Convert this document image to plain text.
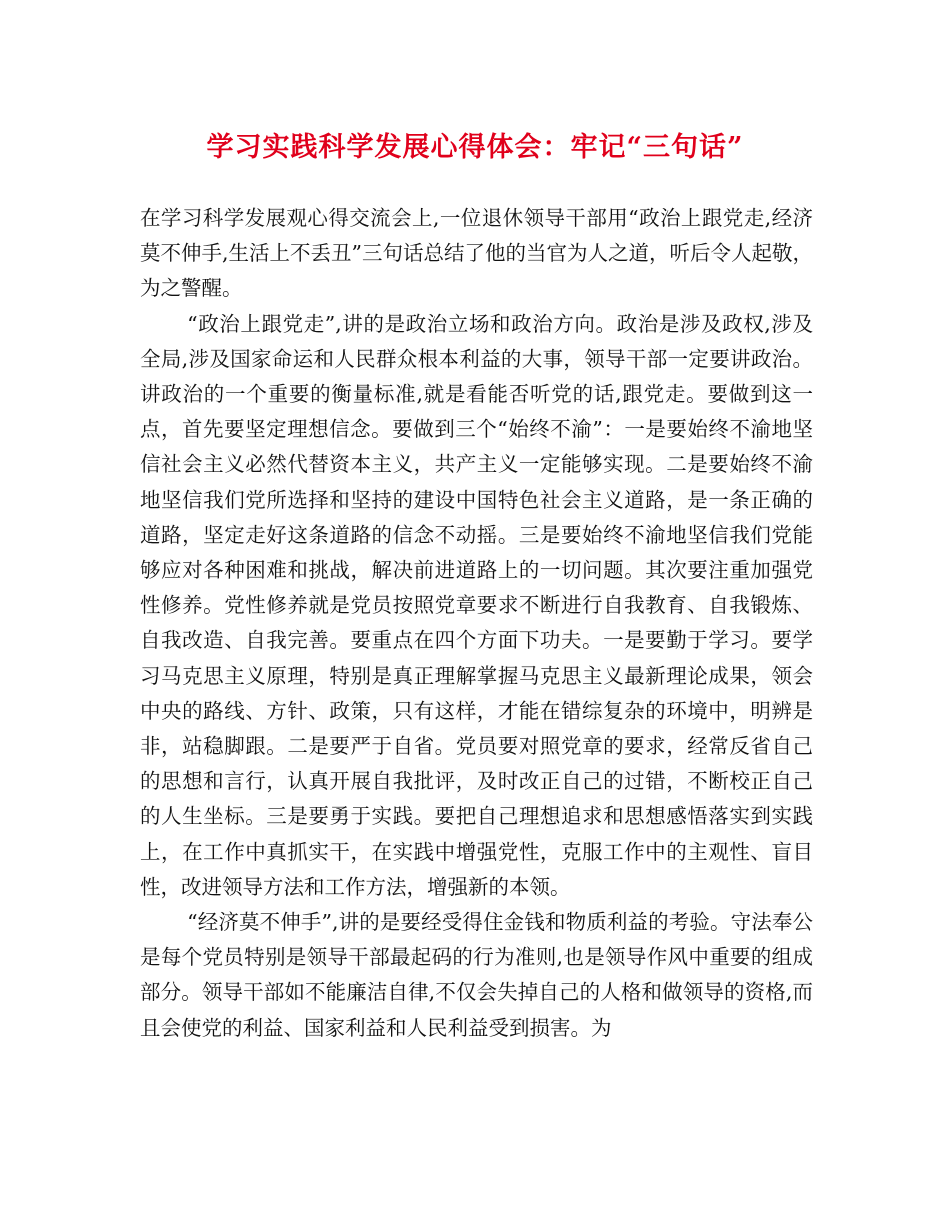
学习实践科学发展心得体会：牢记“三句话”

在学习科学发展观心得交流会上,一位退休领导干部用“政治上跟党走,经济莫不伸手,生活上不丢丑”三句话总结了他的当官为人之道，听后令人起敬，为之警醒。

“政治上跟党走”,讲的是政治立场和政治方向。政治是涉及政权,涉及全局,涉及国家命运和人民群众根本利益的大事，领导干部一定要讲政治。讲政治的一个重要的衡量标准,就是看能否听党的话,跟党走。要做到这一点，首先要坚定理想信念。要做到三个“始终不渝”：一是要始终不渝地坚信社会主义必然代替资本主义，共产主义一定能够实现。二是要始终不渝地坚信我们党所选择和坚持的建设中国特色社会主义道路，是一条正确的道路，坚定走好这条道路的信念不动摇。三是要始终不渝地坚信我们党能够应对各种困难和挑战，解决前进道路上的一切问题。其次要注重加强党性修养。党性修养就是党员按照党章要求不断进行自我教育、自我锻炼、自我改造、自我完善。要重点在四个方面下功夫。一是要勤于学习。要学习马克思主义原理，特别是真正理解掌握马克思主义最新理论成果，领会中央的路线、方针、政策，只有这样，才能在错综复杂的环境中，明辨是非，站稳脚跟。二是要严于自省。党员要对照党章的要求，经常反省自己的思想和言行，认真开展自我批评，及时改正自己的过错，不断校正自己的人生坐标。三是要勇于实践。要把自己理想追求和思想感悟落实到实践上，在工作中真抓实干，在实践中增强党性，克服工作中的主观性、盲目性，改进领导方法和工作方法，增强新的本领。

“经济莫不伸手”,讲的是要经受得住金钱和物质利益的考验。守法奉公是每个党员特别是领导干部最起码的行为准则,也是领导作风中重要的组成部分。领导干部如不能廉洁自律,不仅会失掉自己的人格和做领导的资格,而且会使党的利益、国家利益和人民利益受到损害。为
